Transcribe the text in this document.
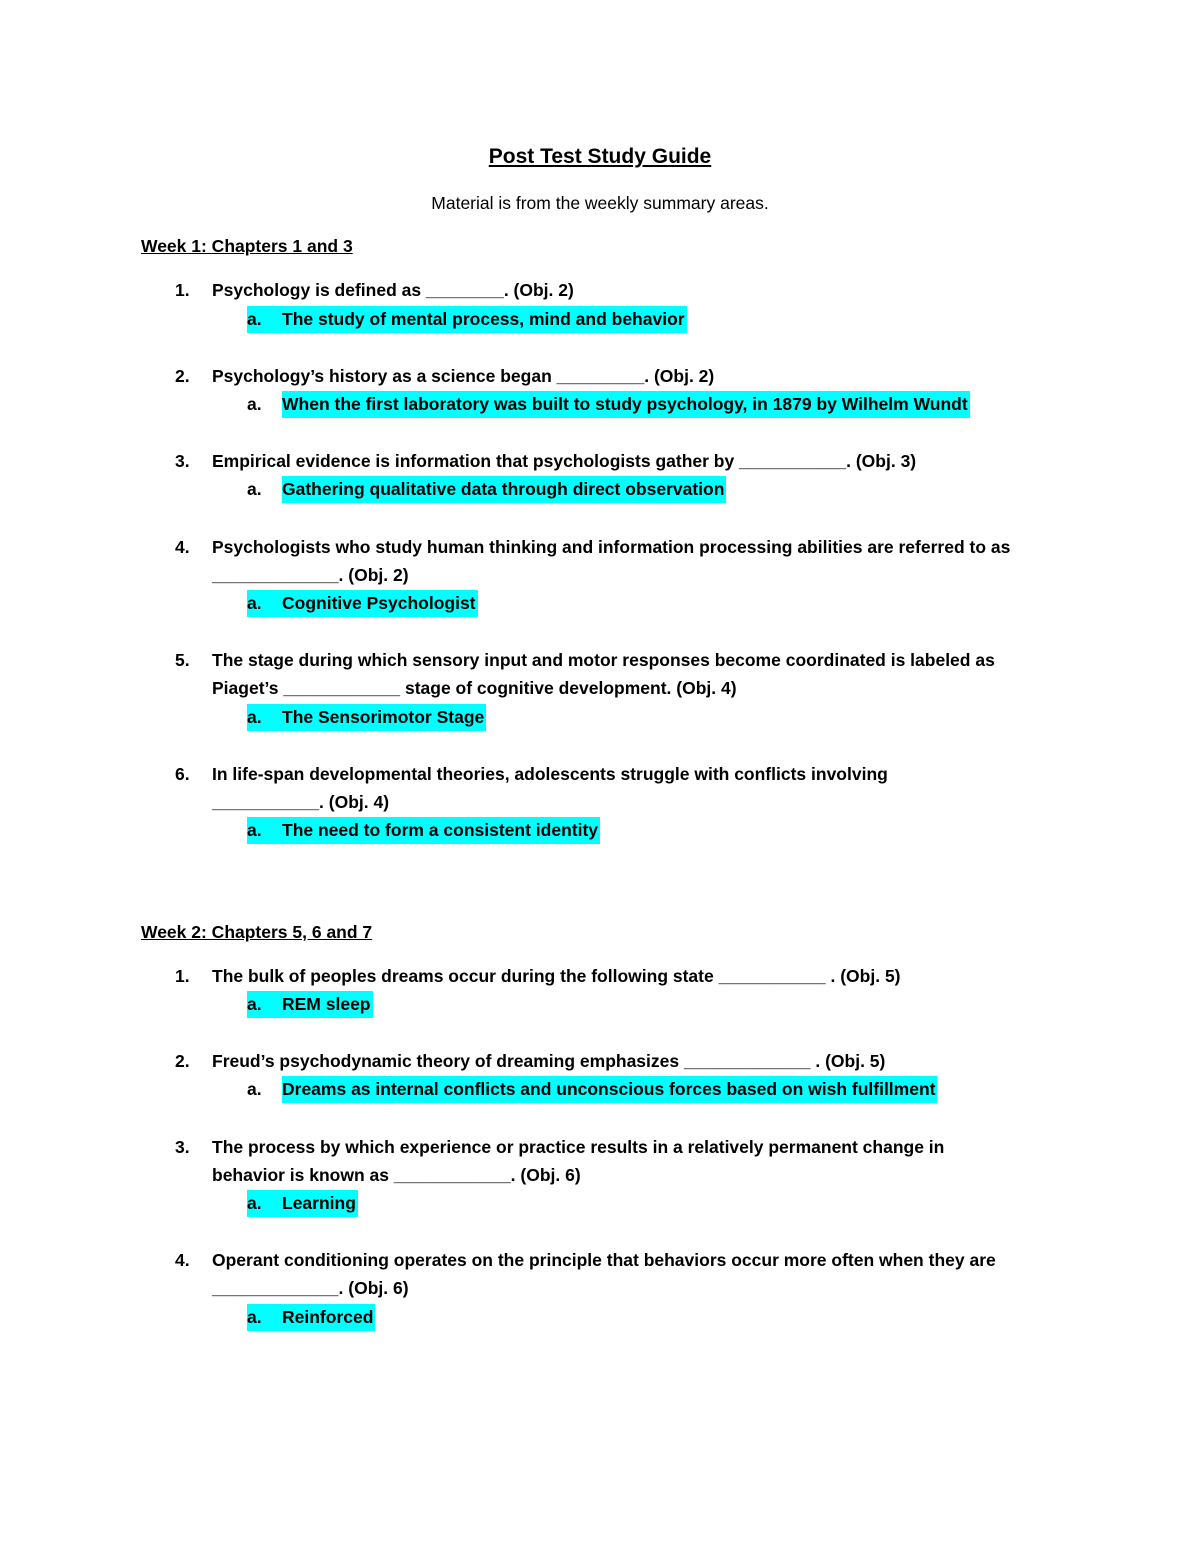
Post Test Study Guide
Material is from the weekly summary areas.
Week 1: Chapters 1 and 3
1. Psychology is defined as ________. (Obj. 2)
a.	The study of mental process, mind and behavior
2. Psychology’s history as a science began _________. (Obj. 2)
a. When the first laboratory was built to study psychology, in 1879 by Wilhelm Wundt
3. Empirical evidence is information that psychologists gather by ___________. (Obj. 3)
a. Gathering qualitative data through direct observation
4. Psychologists who study human thinking and information processing abilities are referred to as
_____________. (Obj. 2)
a.	Cognitive Psychologist
5. The stage during which sensory input and motor responses become coordinated is labeled as
Piaget’s ____________ stage of cognitive development. (Obj. 4)
a.	The Sensorimotor Stage
6. In life-span developmental theories, adolescents struggle with conflicts involving
___________. (Obj. 4)
a.	The need to form a consistent identity
Week 2: Chapters 5, 6 and 7
1. The bulk of peoples dreams occur during the following state ___________ . (Obj. 5)
a.	REM sleep
2. Freud’s psychodynamic theory of dreaming emphasizes _____________ . (Obj. 5)
a. Dreams as internal conflicts and unconscious forces based on wish fulfillment
3. The process by which experience or practice results in a relatively permanent change in
behavior is known as ____________. (Obj. 6)
a.	Learning
4. Operant conditioning operates on the principle that behaviors occur more often when they are
_____________. (Obj. 6)
a.	Reinforced
